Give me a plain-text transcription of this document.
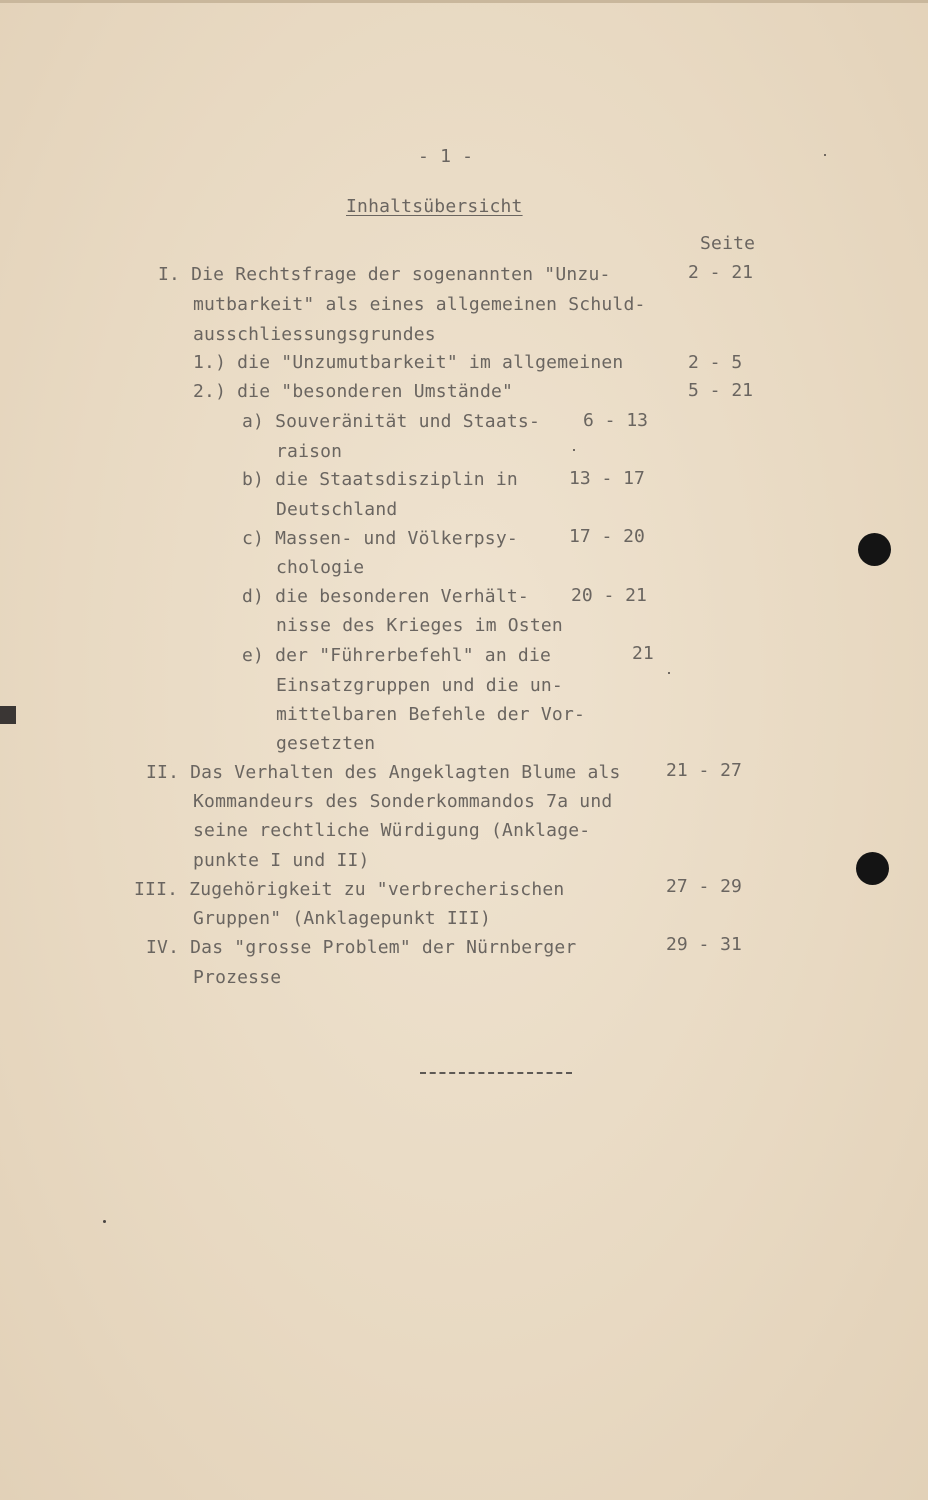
- 1 -
Inhaltsübersicht
Seite
I. Die Rechtsfrage der sogenannten "Unzu-	2 - 21
mutbarkeit" als eines allgemeinen Schuld-
ausschliessungsgrundes
1.) die "Unzumutbarkeit" im allgemeinen	2 - 5
2.) die "besonderen Umstände"	5 - 21
a) Souveränität und Staats- 6 - 13
raison
b) die Staatsdisziplin in	13 - 17
Deutschland
c) Massen- und Völkerpsy-	17 - 20
chologie
d) die besonderen Verhält- 20 - 21
nisse des Krieges im Osten
e) der "Führerbefehl" an die	21
Einsatzgruppen und die un-
mittelbaren Befehle der Vor-
gesetzten
II. Das Verhalten des Angeklagten Blume als	21 - 27
Kommandeurs des Sonderkommandos 7a und
seine rechtliche Würdigung (Anklage-
punkte I und II)
III. Zugehörigkeit zu "verbrecherischen	27 - 29
Gruppen" (Anklagepunkt III)
IV. Das "grosse Problem" der Nürnberger	29 - 31
Prozesse
